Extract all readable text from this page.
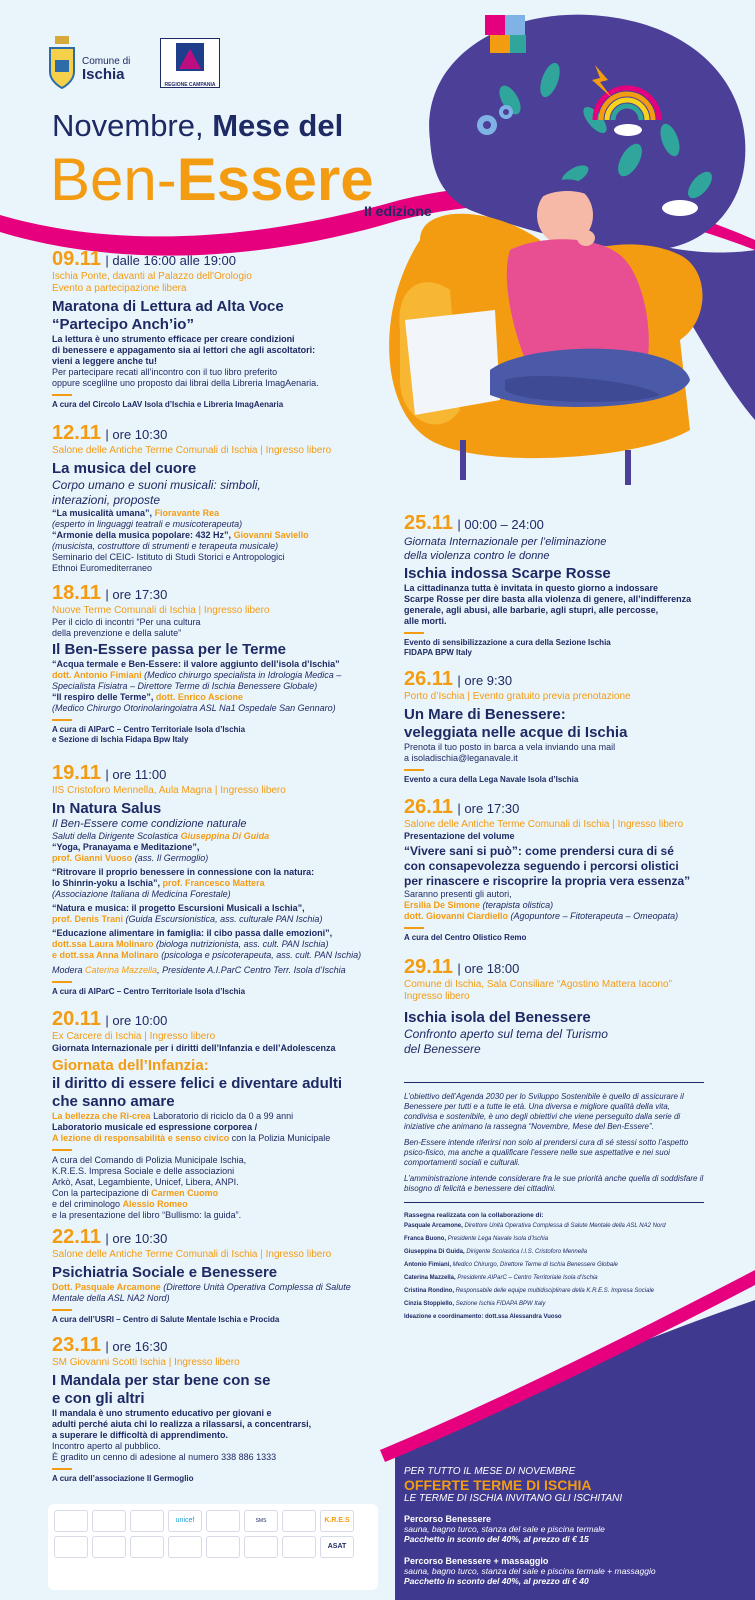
Comune di
Ischia
REGIONE CAMPANIA
Novembre, Mese del
Ben-Essere
II edizione
09.11 | dalle 16:00 alle 19:00
Ischia Ponte, davanti al Palazzo dell'Orologio
Evento a partecipazione libera
Maratona di Lettura ad Alta Voce
“Partecipo Anch’io”
La lettura è uno strumento efficace per creare condizioni
di benessere e appagamento sia ai lettori che agli ascoltatori:
vieni a leggere anche tu!
Per partecipare recati all’incontro con il tuo libro preferito
oppure sceglilne uno proposto dai librai della Libreria ImagAenaria.
A cura del Circolo LaAV Isola d’Ischia e Libreria ImagAenaria
12.11 | ore 10:30
Salone delle Antiche Terme Comunali di Ischia | Ingresso libero
La musica del cuore
Corpo umano e suoni musicali: simboli,
interazioni, proposte
“La musicalità umana”, Fioravante Rea
(esperto in linguaggi teatrali e musicoterapeuta)
“Armonie della musica popolare: 432 Hz”, Giovanni Saviello
(musicista, costruttore di strumenti e terapeuta musicale)
Seminario del CEIC- Istituto di Studi Storici e Antropologici
Ethnoi Euromediterraneo
18.11 | ore 17:30
Nuove Terme Comunali di Ischia | Ingresso libero
Per il ciclo di incontri “Per una cultura
della prevenzione e della salute”
Il Ben-Essere passa per le Terme
“Acqua termale e Ben-Essere: il valore aggiunto dell’isola d’Ischia”
dott. Antonio Fimiani (Medico chirurgo specialista in Idrologia Medica –
Specialista Fisiatra – Direttore Terme di Ischia Benessere Globale)
“Il respiro delle Terme”, dott. Enrico Ascione
(Medico Chirurgo Otorinolaringoiatra ASL Na1 Ospedale San Gennaro)
A cura di AIParC – Centro Territoriale Isola d’Ischia
e Sezione di Ischia Fidapa Bpw Italy
19.11 | ore 11:00
IIS Cristoforo Mennella, Aula Magna | Ingresso libero
In Natura Salus
Il Ben-Essere come condizione naturale
Saluti della Dirigente Scolastica Giuseppina Di Guida
“Yoga, Pranayama e Meditazione”,
prof. Gianni Vuoso (ass. Il Germoglio)
“Ritrovare il proprio benessere in connessione con la natura:
lo Shinrin-yoku a Ischia”, prof. Francesco Mattera
(Associazione Italiana di Medicina Forestale)
“Natura e musica: il progetto Escursioni Musicali a Ischia”,
prof. Denis Trani (Guida Escursionistica, ass. culturale PAN Ischia)
“Educazione alimentare in famiglia: il cibo passa dalle emozioni”,
dott.ssa Laura Molinaro (biologa nutrizionista, ass. cult. PAN Ischia)
e dott.ssa Anna Molinaro (psicologa e psicoterapeuta, ass. cult. PAN Ischia)
Modera Caterina Mazzella, Presidente A.I.ParC Centro Terr. Isola d’Ischia
A cura di AIParC – Centro Territoriale Isola d’Ischia
20.11 | ore 10:00
Ex Carcere di Ischia | Ingresso libero
Giornata Internazionale per i diritti dell’Infanzia e dell’Adolescenza
Giornata dell’Infanzia:
il diritto di essere felici e diventare adulti
che sanno amare
La bellezza che Ri-crea Laboratorio di riciclo da 0 a 99 anni
Laboratorio musicale ed espressione corporea /
A lezione di responsabilità e senso civico con la Polizia Municipale
A cura del Comando di Polizia Municipale Ischia,
K.R.E.S. Impresa Sociale e delle associazioni
Arkò, Asat, Legambiente, Unicef, Libera, ANPI.
Con la partecipazione di Carmen Cuomo
e del criminologo Alessio Romeo
e la presentazione del libro “Bullismo: la guida”.
22.11 | ore 10:30
Salone delle Antiche Terme Comunali di Ischia | Ingresso libero
Psichiatria Sociale e Benessere
Dott. Pasquale Arcamone (Direttore Unità Operativa Complessa di Salute
Mentale della ASL NA2 Nord)
A cura dell’USRI – Centro di Salute Mentale Ischia e Procida
23.11 | ore 16:30
SM Giovanni Scotti Ischia | Ingresso libero
I Mandala per star bene con se
e con gli altri
Il mandala è uno strumento educativo per giovani e
adulti perché aiuta chi lo realizza a rilassarsi, a concentrarsi,
a superare le difficoltà di apprendimento.
Incontro aperto al pubblico.
È gradito un cenno di adesione al numero 338 886 1333
A cura dell’associazione Il Germoglio
25.11 | 00:00 – 24:00
Giornata Internazionale per l’eliminazione
della violenza contro le donne
Ischia indossa Scarpe Rosse
La cittadinanza tutta è invitata in questo giorno a indossare
Scarpe Rosse per dire basta alla violenza di genere, all’indifferenza
generale, agli abusi, alle barbarie, agli stupri, alle percosse,
alle morti.
Evento di sensibilizzazione a cura della Sezione Ischia
FIDAPA BPW Italy
26.11 | ore 9:30
Porto d’Ischia | Evento gratuito previa prenotazione
Un Mare di Benessere:
veleggiata nelle acque di Ischia
Prenota il tuo posto in barca a vela inviando una mail
a isoladischia@leganavale.it
Evento a cura della Lega Navale Isola d’Ischia
26.11 | ore 17:30
Salone delle Antiche Terme Comunali di Ischia | Ingresso libero
Presentazione del volume
“Vivere sani si può”: come prendersi cura di sé
con consapevolezza seguendo i percorsi olistici
per rinascere e riscoprire la propria vera essenza”
Saranno presenti gli autori,
Ersilia De Simone (terapista olistica)
dott. Giovanni Ciardiello (Agopuntore – Fitoterapeuta – Omeopata)
A cura del Centro Olistico Remo
29.11 | ore 18:00
Comune di Ischia, Sala Consiliare “Agostino Mattera Iacono”
Ingresso libero
Ischia isola del Benessere
Confronto aperto sul tema del Turismo
del Benessere
L’obiettivo dell’Agenda 2030 per lo Sviluppo Sostenibile è quello di assicurare il Benessere per tutti e a tutte le età. Una diversa e migliore qualità della vita, condivisa e sostenibile, è uno degli obiettivi che viene perseguito dalla serie di iniziative che animano la rassegna “Novembre, Mese del Ben-Essere”.
Ben-Essere intende riferirsi non solo al prendersi cura di sé stessi sotto l’aspetto psico-fisico, ma anche a qualificare l’essere nelle sue aspettative e nei suoi comportamenti sociali e culturali.
L’amministrazione intende considerare fra le sue priorità anche quella di soddisfare il bisogno di felicità e benessere dei cittadini.
Rassegna realizzata con la collaborazione di:
Pasquale Arcamone, Direttore Unità Operativa Complessa di Salute Mentale della ASL NA2 Nord
Franca Buono, Presidente Lega Navale Isola d’Ischia
Giuseppina Di Guida, Dirigente Scolastica I.I.S. Cristoforo Mennella
Antonio Fimiani, Medico Chirurgo, Direttore Terme di Ischia Benessere Globale
Caterina Mazzella, Presidente AIParC – Centro Territoriale Isola d’Ischia
Cristina Rondino, Responsabile delle equipe multidisciplinare della K.R.E.S. Impresa Sociale
Cinzia Stoppiello, Sezione Ischia FIDAPA BPW Italy
Ideazione e coordinamento: dott.ssa Alessandra Vuoso
PER TUTTO IL MESE DI NOVEMBRE
OFFERTE TERME DI ISCHIA
LE TERME DI ISCHIA INVITANO GLI ISCHITANI
Percorso Benessere
sauna, bagno turco, stanza del sale e piscina termale
Pacchetto in sconto del 40%, al prezzo di € 15
Percorso Benessere + massaggio
sauna, bagno turco, stanza del sale e piscina termale + massaggio
Pacchetto in sconto del 40%, al prezzo di € 40
unicef	SMS	K.R.E.S
ASAT
